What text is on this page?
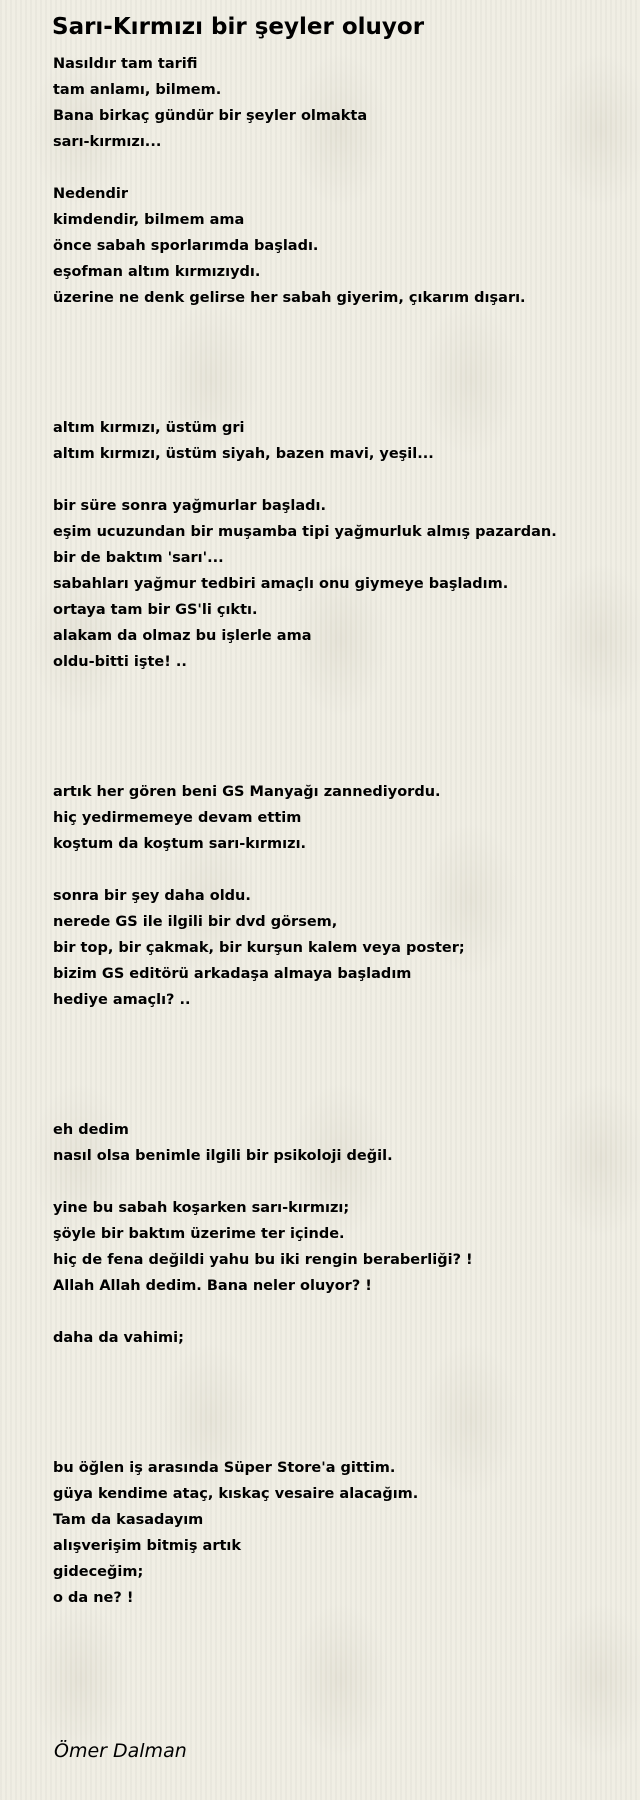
Sarı-Kırmızı bir şeyler oluyor
Nasıldır tam tarifi
tam anlamı, bilmem.
Bana birkaç gündür bir şeyler olmakta
sarı-kırmızı...
Nedendir
kimdendir, bilmem ama
önce sabah sporlarımda başladı.
eşofman altım kırmızıydı.
üzerine ne denk gelirse her sabah giyerim, çıkarım dışarı.
altım kırmızı, üstüm gri
altım kırmızı, üstüm siyah, bazen mavi, yeşil...
bir süre sonra yağmurlar başladı.
eşim ucuzundan bir muşamba tipi yağmurluk almış pazardan.
bir de baktım 'sarı'...
sabahları yağmur tedbiri amaçlı onu giymeye başladım.
ortaya tam bir GS'li çıktı.
alakam da olmaz bu işlerle ama
oldu-bitti işte! ..
artık her gören beni GS Manyağı zannediyordu.
hiç yedirmemeye devam ettim
koştum da koştum sarı-kırmızı.
sonra bir şey daha oldu.
nerede GS ile ilgili bir dvd görsem,
bir top, bir çakmak, bir kurşun kalem veya poster;
bizim GS editörü arkadaşa almaya başladım
hediye amaçlı? ..
eh dedim
nasıl olsa benimle ilgili bir psikoloji değil.
yine bu sabah koşarken sarı-kırmızı;
şöyle bir baktım üzerime ter içinde.
hiç de fena değildi yahu bu iki rengin beraberliği? !
Allah Allah dedim. Bana neler oluyor? !
daha da vahimi;
bu öğlen iş arasında Süper Store'a gittim.
güya kendime ataç, kıskaç vesaire alacağım.
Tam da kasadayım
alışverişim bitmiş artık
gideceğim;
o da ne? !

Ömer Dalman
